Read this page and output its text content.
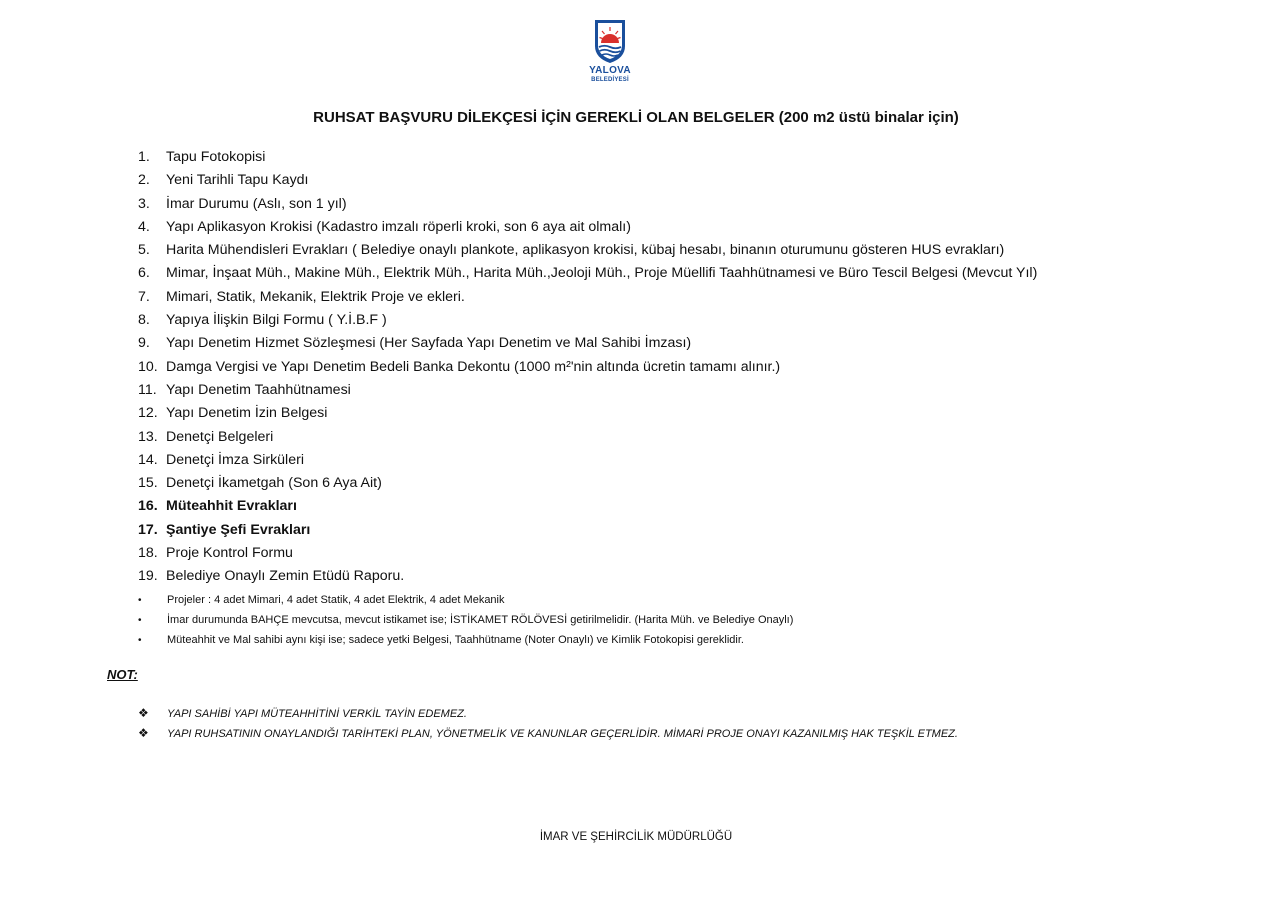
YALOVA
BELEDİYESİ
RUHSAT BAŞVURU DİLEKÇESİ İÇİN GEREKLİ OLAN BELGELER (200 m2 üstü binalar için)
1. Tapu Fotokopisi
2. Yeni Tarihli Tapu Kaydı
3. İmar Durumu (Aslı, son 1 yıl)
4. Yapı Aplikasyon Krokisi (Kadastro imzalı röperli kroki, son 6 aya ait olmalı)
5. Harita Mühendisleri Evrakları ( Belediye onaylı plankote, aplikasyon krokisi, kübaj hesabı, binanın oturumunu gösteren HUS evrakları)
6. Mimar, İnşaat Müh., Makine Müh., Elektrik Müh., Harita Müh.,Jeoloji Müh., Proje Müellifi Taahhütnamesi ve Büro Tescil Belgesi (Mevcut Yıl)
7. Mimari, Statik, Mekanik, Elektrik Proje ve ekleri.
8. Yapıya İlişkin Bilgi Formu ( Y.İ.B.F )
9. Yapı Denetim Hizmet Sözleşmesi (Her Sayfada Yapı Denetim ve Mal Sahibi İmzası)
10. Damga Vergisi ve Yapı Denetim Bedeli Banka Dekontu (1000 m²'nin altında ücretin tamamı alınır.)
11. Yapı Denetim Taahhütnamesi
12. Yapı Denetim İzin Belgesi
13. Denetçi Belgeleri
14. Denetçi İmza Sirküleri
15. Denetçi İkametgah (Son 6 Aya Ait)
16. Müteahhit Evrakları
17. Şantiye Şefi Evrakları
18. Proje Kontrol Formu
19. Belediye Onaylı Zemin Etüdü Raporu.
• Projeler : 4 adet Mimari, 4 adet Statik, 4 adet Elektrik, 4 adet Mekanik
• İmar durumunda BAHÇE mevcutsa, mevcut istikamet ise; İSTİKAMET RÖLÖVESİ getirilmelidir. (Harita Müh. ve Belediye Onaylı)
• Müteahhit ve Mal sahibi aynı kişi ise; sadece yetki Belgesi, Taahhütname (Noter Onaylı) ve Kimlik Fotokopisi gereklidir.
NOT:
❖ YAPI SAHİBİ YAPI MÜTEAHHİTİNİ VERKİL TAYİN EDEMEZ.
❖ YAPI RUHSATININ ONAYLANDIĞI TARİHTEKİ PLAN, YÖNETMELİK VE KANUNLAR GEÇERLİDİR. MİMARİ PROJE ONAYI KAZANILMIŞ HAK TEŞKİL ETMEZ.
İMAR VE ŞEHİRCİLİK MÜDÜRLÜĞÜ
